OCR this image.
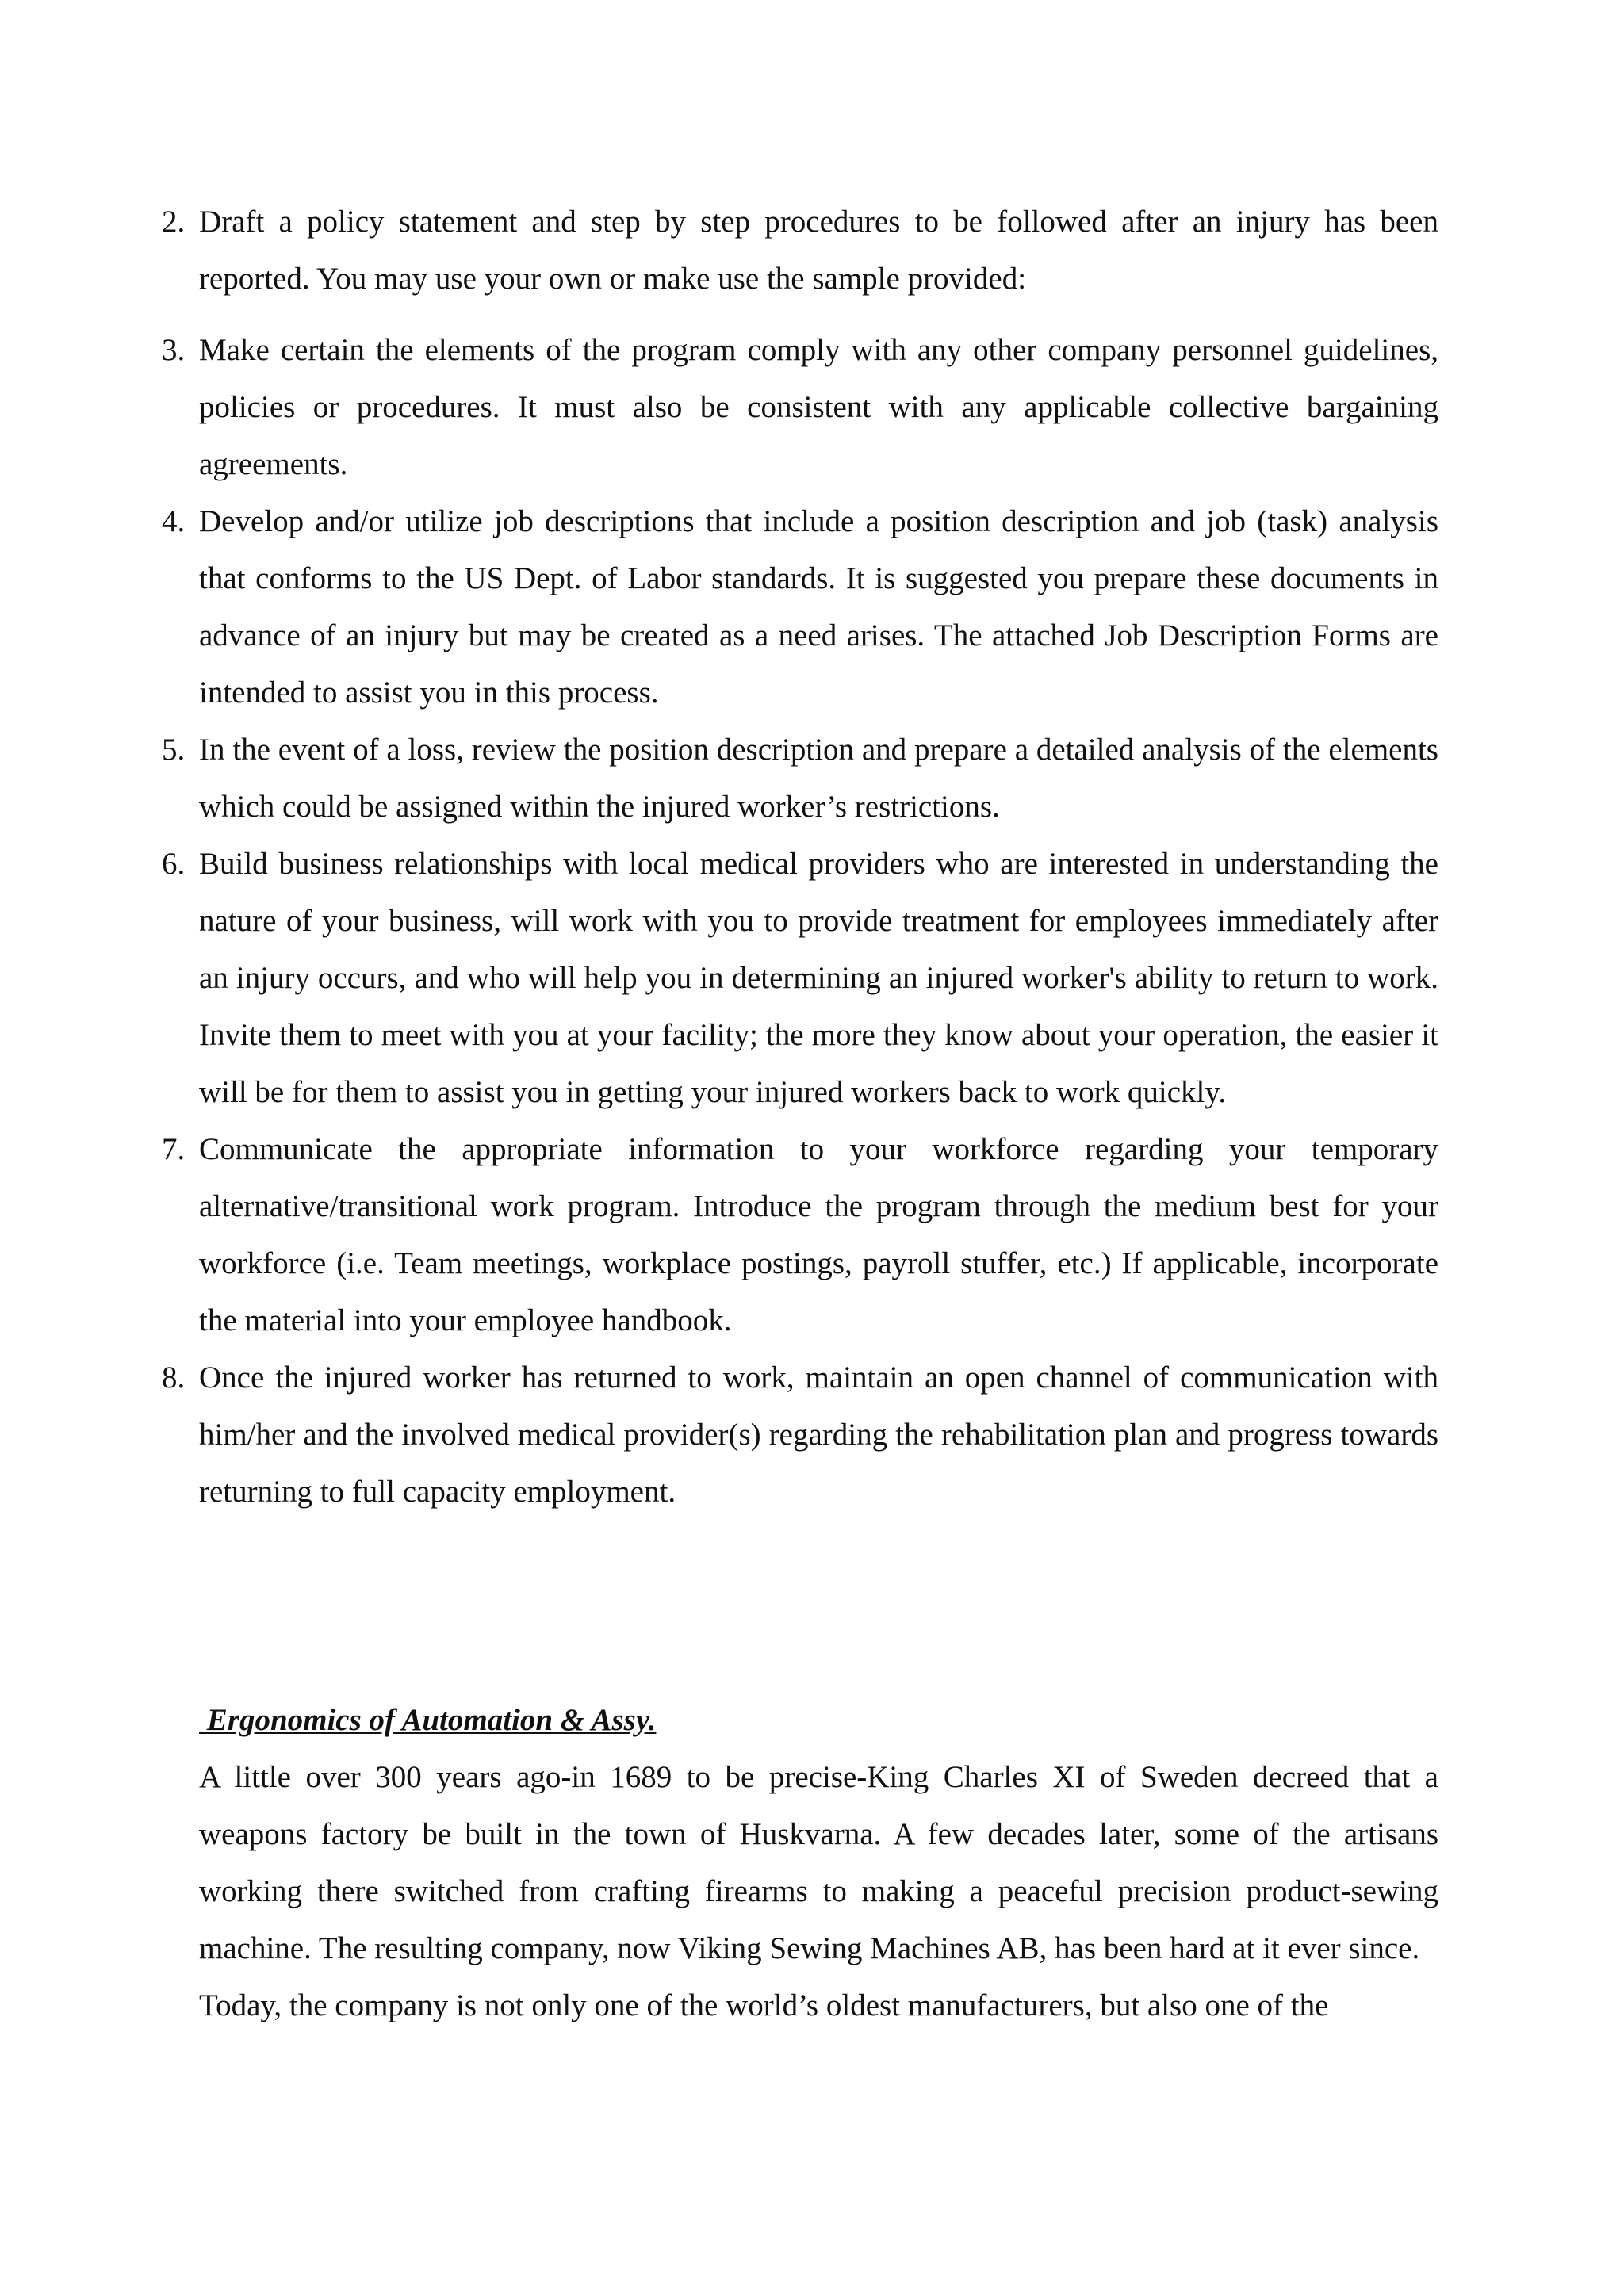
2. Draft a policy statement and step by step procedures to be followed after an injury has been reported. You may use your own or make use the sample provided:
3. Make certain the elements of the program comply with any other company personnel guidelines, policies or procedures. It must also be consistent with any applicable collective bargaining agreements.
4. Develop and/or utilize job descriptions that include a position description and job (task) analysis that conforms to the US Dept. of Labor standards. It is suggested you prepare these documents in advance of an injury but may be created as a need arises. The attached Job Description Forms are intended to assist you in this process.
5. In the event of a loss, review the position description and prepare a detailed analysis of the elements which could be assigned within the injured worker’s restrictions.
6. Build business relationships with local medical providers who are interested in understanding the nature of your business, will work with you to provide treatment for employees immediately after an injury occurs, and who will help you in determining an injured worker's ability to return to work. Invite them to meet with you at your facility; the more they know about your operation, the easier it will be for them to assist you in getting your injured workers back to work quickly.
7. Communicate the appropriate information to your workforce regarding your temporary alternative/transitional work program. Introduce the program through the medium best for your workforce (i.e. Team meetings, workplace postings, payroll stuffer, etc.) If applicable, incorporate the material into your employee handbook.
8. Once the injured worker has returned to work, maintain an open channel of communication with him/her and the involved medical provider(s) regarding the rehabilitation plan and progress towards returning to full capacity employment.

Ergonomics of Automation & Assy.

A little over 300 years ago-in 1689 to be precise-King Charles XI of Sweden decreed that a weapons factory be built in the town of Huskvarna. A few decades later, some of the artisans working there switched from crafting firearms to making a peaceful precision product-sewing machine. The resulting company, now Viking Sewing Machines AB, has been hard at it ever since.

Today, the company is not only one of the world’s oldest manufacturers, but also one of the
